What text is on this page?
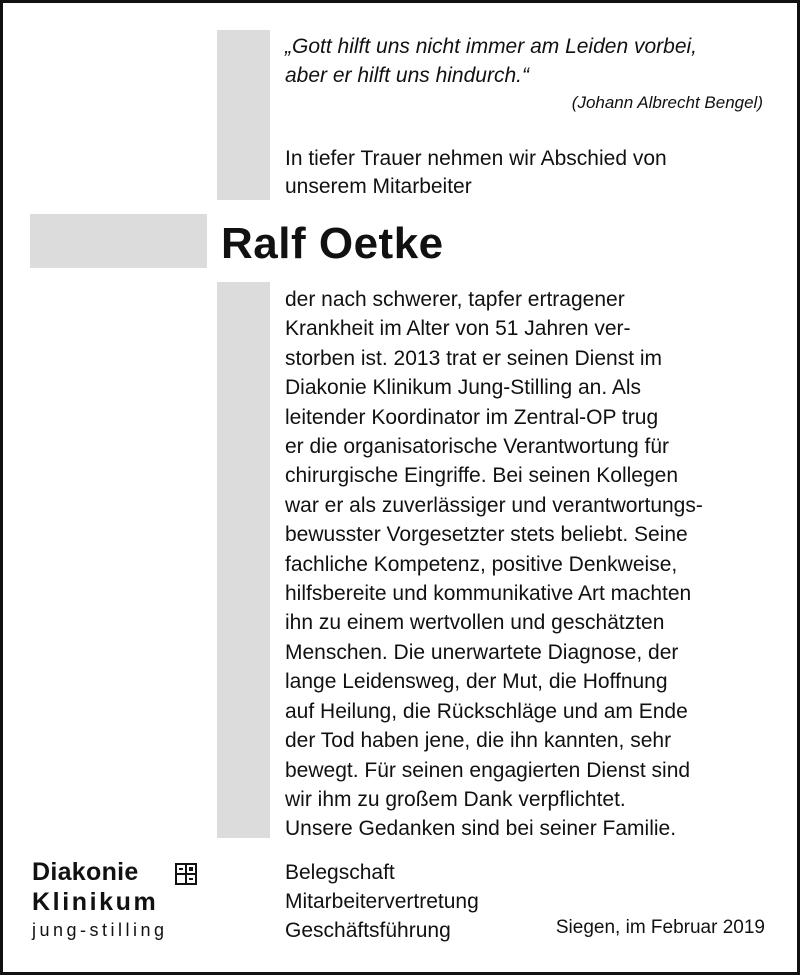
„Gott hilft uns nicht immer am Leiden vorbei,
aber er hilft uns hindurch.“
(Johann Albrecht Bengel)
In tiefer Trauer nehmen wir Abschied von
unserem Mitarbeiter
Ralf Oetke
der nach schwerer, tapfer ertragener
Krankheit im Alter von 51 Jahren ver-
storben ist. 2013 trat er seinen Dienst im
Diakonie Klinikum Jung-Stilling an. Als
leitender Koordinator im Zentral-OP trug
er die organisatorische Verantwortung für
chirurgische Eingriffe. Bei seinen Kollegen
war er als zuverlässiger und verantwortungs-
bewusster Vorgesetzter stets beliebt. Seine
fachliche Kompetenz, positive Denkweise,
hilfsbereite und kommunikative Art machten
ihn zu einem wertvollen und geschätzten
Menschen. Die unerwartete Diagnose, der
lange Leidensweg, der Mut, die Hoffnung
auf Heilung, die Rückschläge und am Ende
der Tod haben jene, die ihn kannten, sehr
bewegt. Für seinen engagierten Dienst sind
wir ihm zu großem Dank verpflichtet.
Unsere Gedanken sind bei seiner Familie.
Belegschaft
Mitarbeitervertretung
Geschäftsführung	Siegen, im Februar 2019
Diakonie
Klinikum
jung-stilling
